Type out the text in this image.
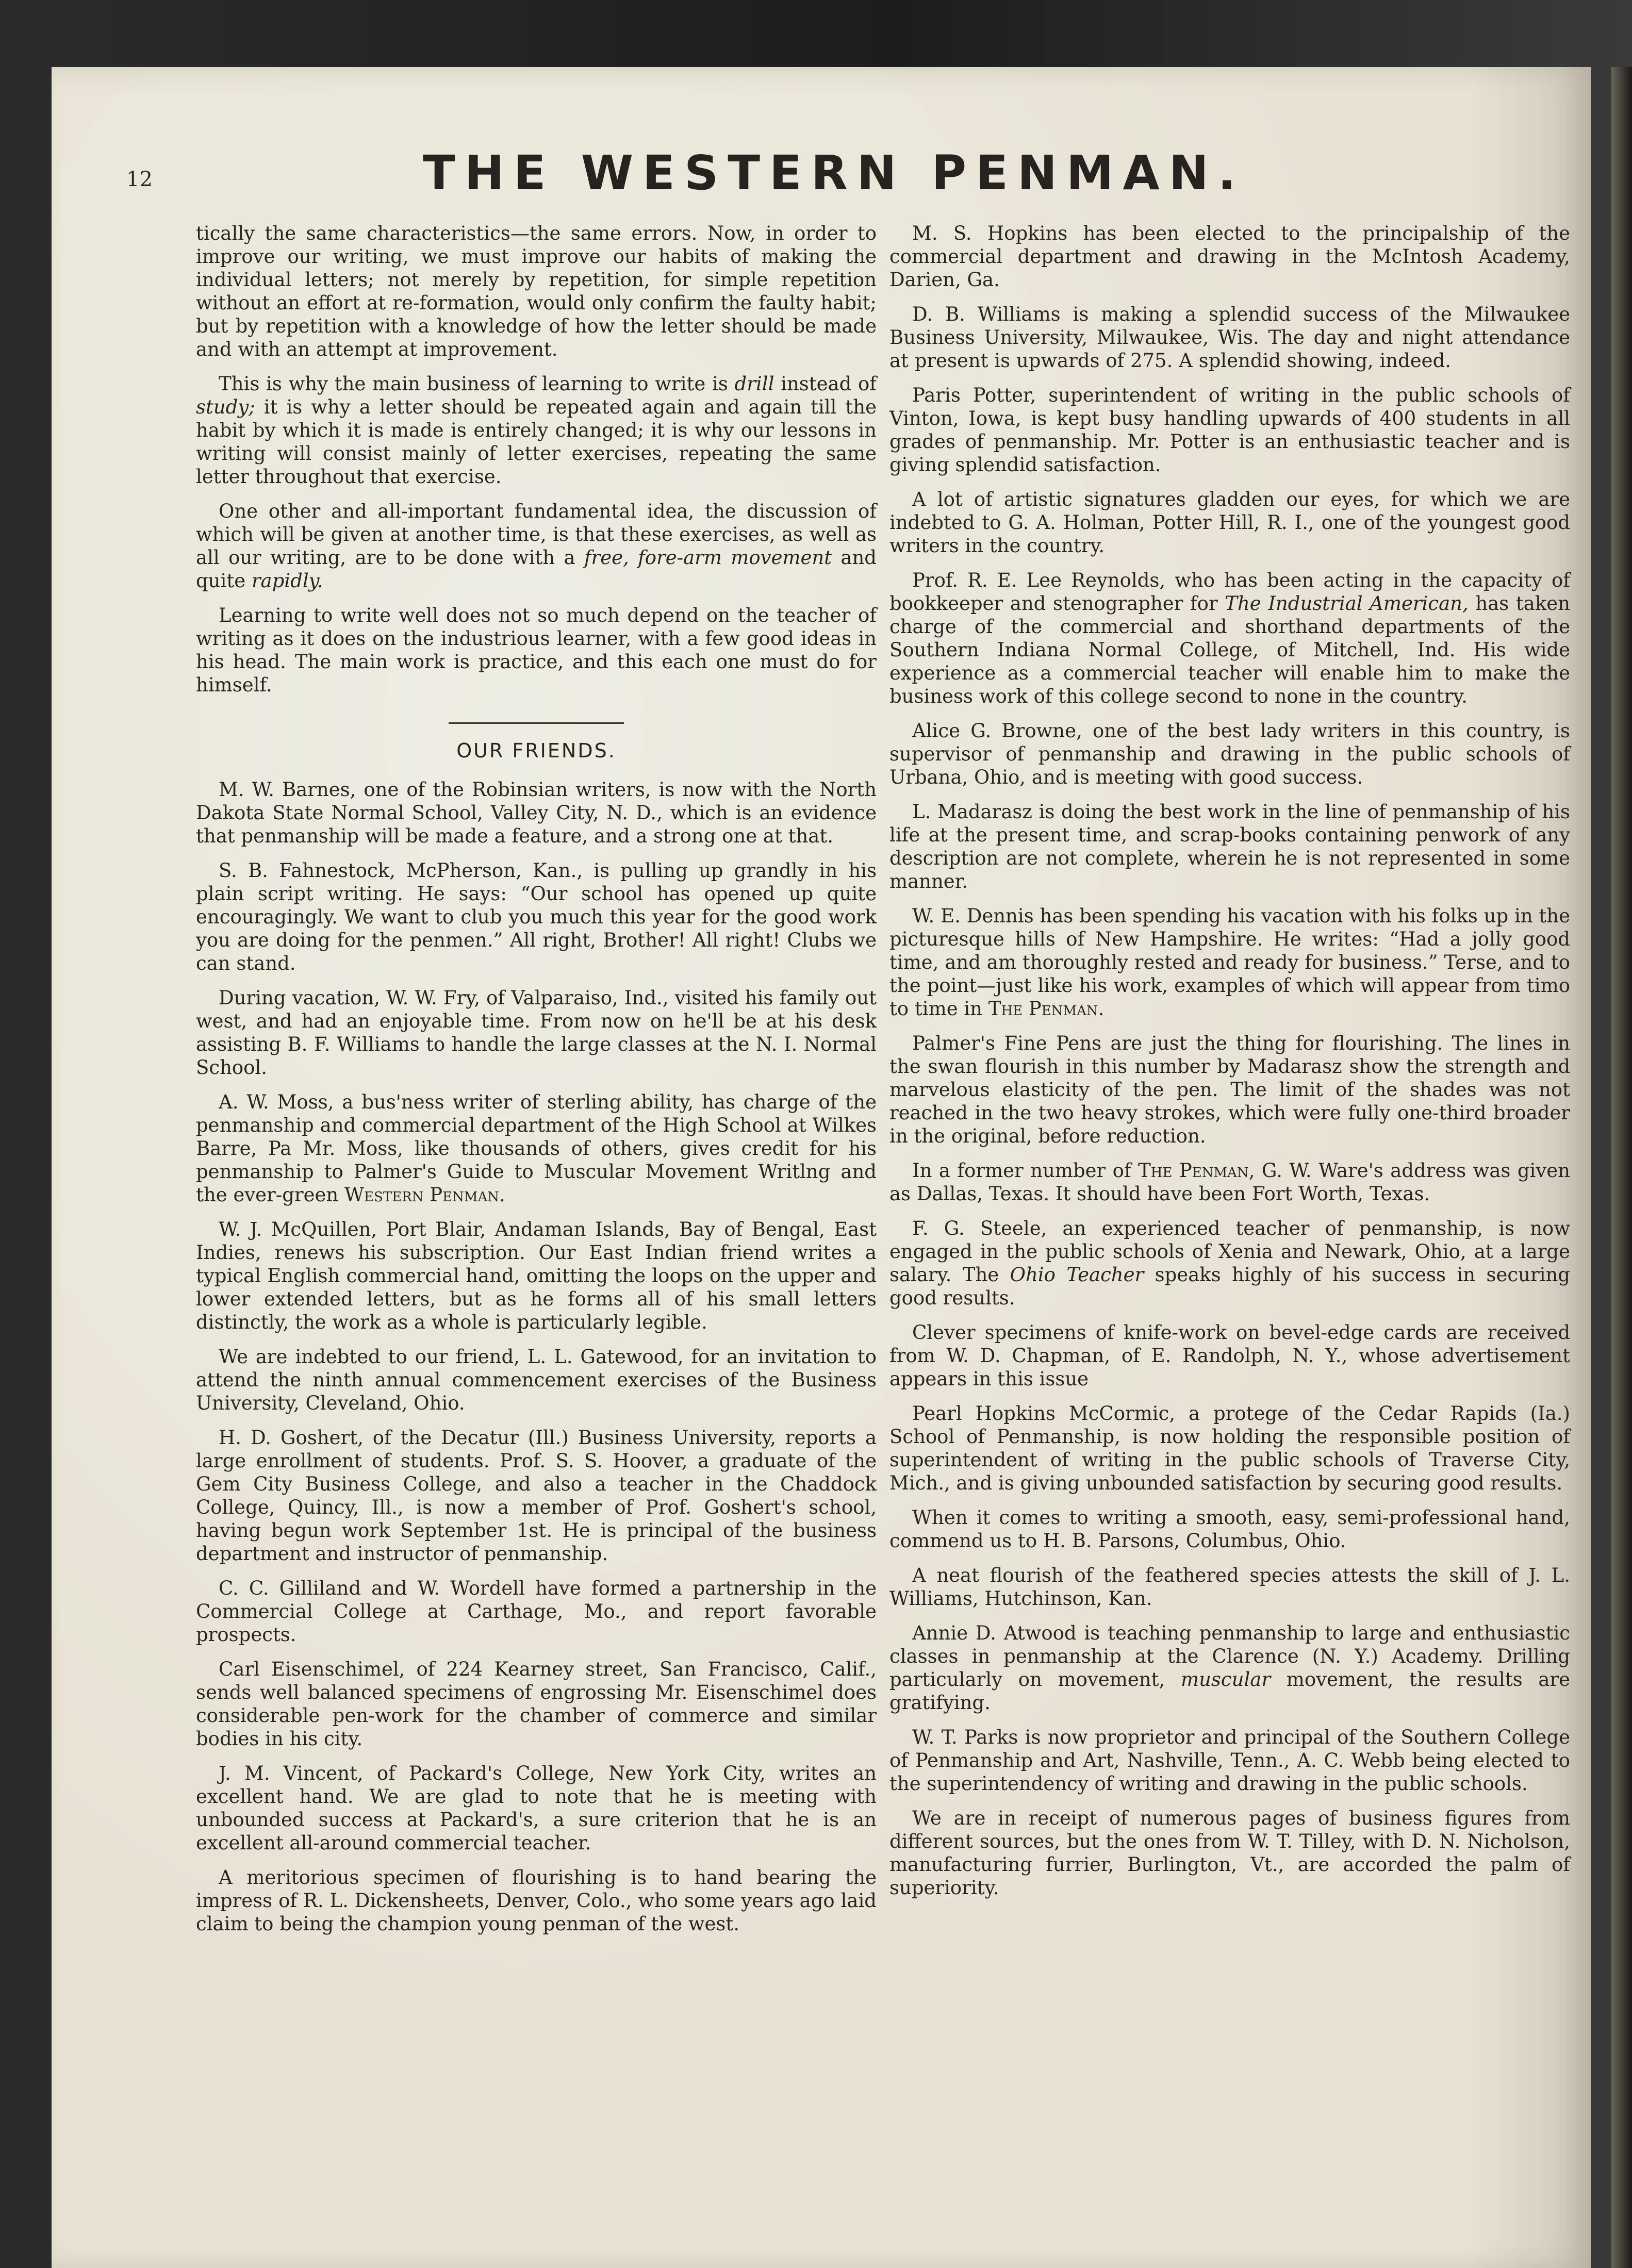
12	THE WESTERN PENMAN.

tically the same characteristics—the same errors. Now, in order to improve our writing, we must improve our habits of making the individual letters; not merely by repetition, for simple repetition without an effort at re-formation, would only confirm the faulty habit; but by repetition with a knowledge of how the letter should be made and with an attempt at improvement.

This is why the main business of learning to write is drill instead of study; it is why a letter should be repeated again and again till the habit by which it is made is entirely changed; it is why our lessons in writing will consist mainly of letter exercises, repeating the same letter throughout that exercise.

One other and all-important fundamental idea, the discussion of which will be given at another time, is that these exercises, as well as all our writing, are to be done with a free, fore-arm movement and quite rapidly.

Learning to write well does not so much depend on the teacher of writing as it does on the industrious learner, with a few good ideas in his head. The main work is practice, and this each one must do for himself.

OUR FRIENDS.

M. W. Barnes, one of the Robinsian writers, is now with the North Dakota State Normal School, Valley City, N. D., which is an evidence that penmanship will be made a feature, and a strong one at that.

S. B. Fahnestock, McPherson, Kan., is pulling up grandly in his plain script writing. He says: “Our school has opened up quite encouragingly. We want to club you much this year for the good work you are doing for the penmen.” All right, Brother! All right! Clubs we can stand.

During vacation, W. W. Fry, of Valparaiso, Ind., visited his family out west, and had an enjoyable time. From now on he'll be at his desk assisting B. F. Williams to handle the large classes at the N. I. Normal School.

A. W. Moss, a bus'ness writer of sterling ability, has charge of the penmanship and commercial department of the High School at Wilkes Barre, Pa Mr. Moss, like thousands of others, gives credit for his penmanship to Palmer's Guide to Muscular Movement Writlng and the ever-green Western Penman.

W. J. McQuillen, Port Blair, Andaman Islands, Bay of Bengal, East Indies, renews his subscription. Our East Indian friend writes a typical English commercial hand, omitting the loops on the upper and lower extended letters, but as he forms all of his small letters distinctly, the work as a whole is particularly legible.

We are indebted to our friend, L. L. Gatewood, for an invitation to attend the ninth annual commencement exercises of the Business University, Cleveland, Ohio.

H. D. Goshert, of the Decatur (Ill.) Business University, reports a large enrollment of students. Prof. S. S. Hoover, a graduate of the Gem City Business College, and also a teacher in the Chaddock College, Quincy, Ill., is now a member of Prof. Goshert's school, having begun work September 1st. He is principal of the business department and instructor of penmanship.

C. C. Gilliland and W. Wordell have formed a partnership in the Commercial College at Carthage, Mo., and report favorable prospects.

Carl Eisenschimel, of 224 Kearney street, San Francisco, Calif., sends well balanced specimens of engrossing Mr. Eisenschimel does considerable pen-work for the chamber of commerce and similar bodies in his city.

J. M. Vincent, of Packard's College, New York City, writes an excellent hand. We are glad to note that he is meeting with unbounded success at Packard's, a sure criterion that he is an excellent all-around commercial teacher.

A meritorious specimen of flourishing is to hand bearing the impress of R. L. Dickensheets, Denver, Colo., who some years ago laid claim to being the champion young penman of the west.

M. S. Hopkins has been elected to the principalship of the commercial department and drawing in the McIntosh Academy, Darien, Ga.

D. B. Williams is making a splendid success of the Milwaukee Business University, Milwaukee, Wis. The day and night attendance at present is upwards of 275. A splendid showing, indeed.

Paris Potter, superintendent of writing in the public schools of Vinton, Iowa, is kept busy handling upwards of 400 students in all grades of penmanship. Mr. Potter is an enthusiastic teacher and is giving splendid satisfaction.

A lot of artistic signatures gladden our eyes, for which we are indebted to G. A. Holman, Potter Hill, R. I., one of the youngest good writers in the country.

Prof. R. E. Lee Reynolds, who has been acting in the capacity of bookkeeper and stenographer for The Industrial American, has taken charge of the commercial and shorthand departments of the Southern Indiana Normal College, of Mitchell, Ind. His wide experience as a commercial teacher will enable him to make the business work of this college second to none in the country.

Alice G. Browne, one of the best lady writers in this country, is supervisor of penmanship and drawing in the public schools of Urbana, Ohio, and is meeting with good success.

L. Madarasz is doing the best work in the line of penmanship of his life at the present time, and scrap-books containing penwork of any description are not complete, wherein he is not represented in some manner.

W. E. Dennis has been spending his vacation with his folks up in the picturesque hills of New Hampshire. He writes: “Had a jolly good time, and am thoroughly rested and ready for business.” Terse, and to the point—just like his work, examples of which will appear from timo to time in The Penman.

Palmer's Fine Pens are just the thing for flourishing. The lines in the swan flourish in this number by Madarasz show the strength and marvelous elasticity of the pen. The limit of the shades was not reached in the two heavy strokes, which were fully one-third broader in the original, before reduction.

In a former number of The Penman, G. W. Ware's address was given as Dallas, Texas. It should have been Fort Worth, Texas.

F. G. Steele, an experienced teacher of penmanship, is now engaged in the public schools of Xenia and Newark, Ohio, at a large salary. The Ohio Teacher speaks highly of his success in securing good results.

Clever specimens of knife-work on bevel-edge cards are received from W. D. Chapman, of E. Randolph, N. Y., whose advertisement appears in this issue

Pearl Hopkins McCormic, a protege of the Cedar Rapids (Ia.) School of Penmanship, is now holding the responsible position of superintendent of writing in the public schools of Traverse City, Mich., and is giving unbounded satisfaction by securing good results.

When it comes to writing a smooth, easy, semi-professional hand, commend us to H. B. Parsons, Columbus, Ohio.

A neat flourish of the feathered species attests the skill of J. L. Williams, Hutchinson, Kan.

Annie D. Atwood is teaching penmanship to large and enthusiastic classes in penmanship at the Clarence (N. Y.) Academy. Drilling particularly on movement, muscular movement, the results are gratifying.

W. T. Parks is now proprietor and principal of the Southern College of Penmanship and Art, Nashville, Tenn., A. C. Webb being elected to the superintendency of writing and drawing in the public schools.

We are in receipt of numerous pages of business figures from different sources, but the ones from W. T. Tilley, with D. N. Nicholson, manufacturing furrier, Burlington, Vt., are accorded the palm of superiority.
